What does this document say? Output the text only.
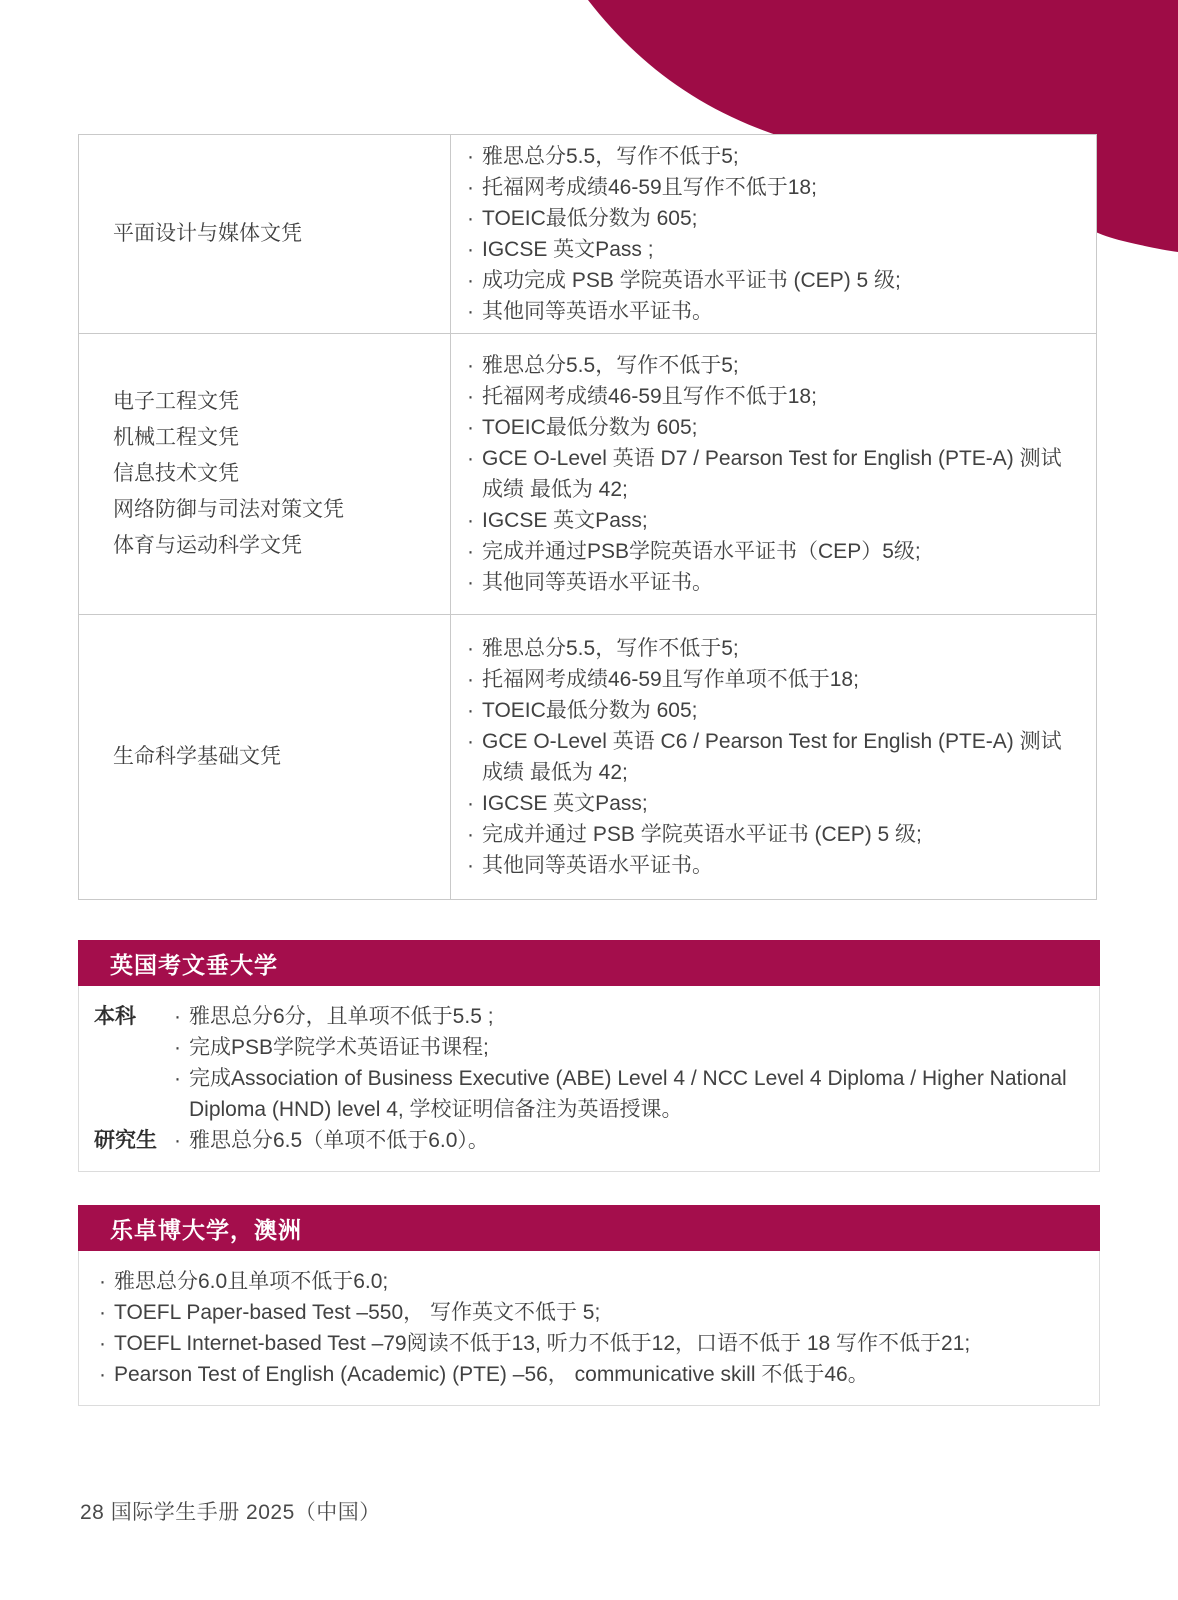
平面设计与媒体文凭
· 雅思总分5.5，写作不低于5;
· 托福网考成绩46-59且写作不低于18;
· TOEIC最低分数为 605;
· IGCSE 英文Pass ;
· 成功完成 PSB 学院英语水平证书 (CEP) 5 级;
· 其他同等英语水平证书。
电子工程文凭
机械工程文凭
信息技术文凭
网络防御与司法对策文凭
体育与运动科学文凭
· 雅思总分5.5，写作不低于5;
· 托福网考成绩46-59且写作不低于18;
· TOEIC最低分数为 605;
· GCE O-Level 英语 D7 / Pearson Test for English (PTE-A) 测试成绩 最低为 42;
· IGCSE 英文Pass;
· 完成并通过PSB学院英语水平证书（CEP）5级;
· 其他同等英语水平证书。
生命科学基础文凭
· 雅思总分5.5，写作不低于5;
· 托福网考成绩46-59且写作单项不低于18;
· TOEIC最低分数为 605;
· GCE O-Level 英语 C6 / Pearson Test for English (PTE-A) 测试成绩 最低为 42;
· IGCSE 英文Pass;
· 完成并通过 PSB 学院英语水平证书 (CEP) 5 级;
· 其他同等英语水平证书。
英国考文垂大学
本科	· 雅思总分6分，且单项不低于5.5 ;
· 完成PSB学院学术英语证书课程;
· 完成Association of Business Executive (ABE) Level 4 / NCC Level 4 Diploma / Higher National Diploma (HND) level 4, 学校证明信备注为英语授课。
研究生 · 雅思总分6.5（单项不低于6.0）。
乐卓博大学，澳洲
· 雅思总分6.0且单项不低于6.0;
· TOEFL Paper-based Test –550， 写作英文不低于 5;
· TOEFL Internet-based Test –79阅读不低于13, 听力不低于12，口语不低于 18 写作不低于21;
· Pearson Test of English (Academic) (PTE) –56， communicative skill 不低于46。
28 国际学生手册 2025（中国）
